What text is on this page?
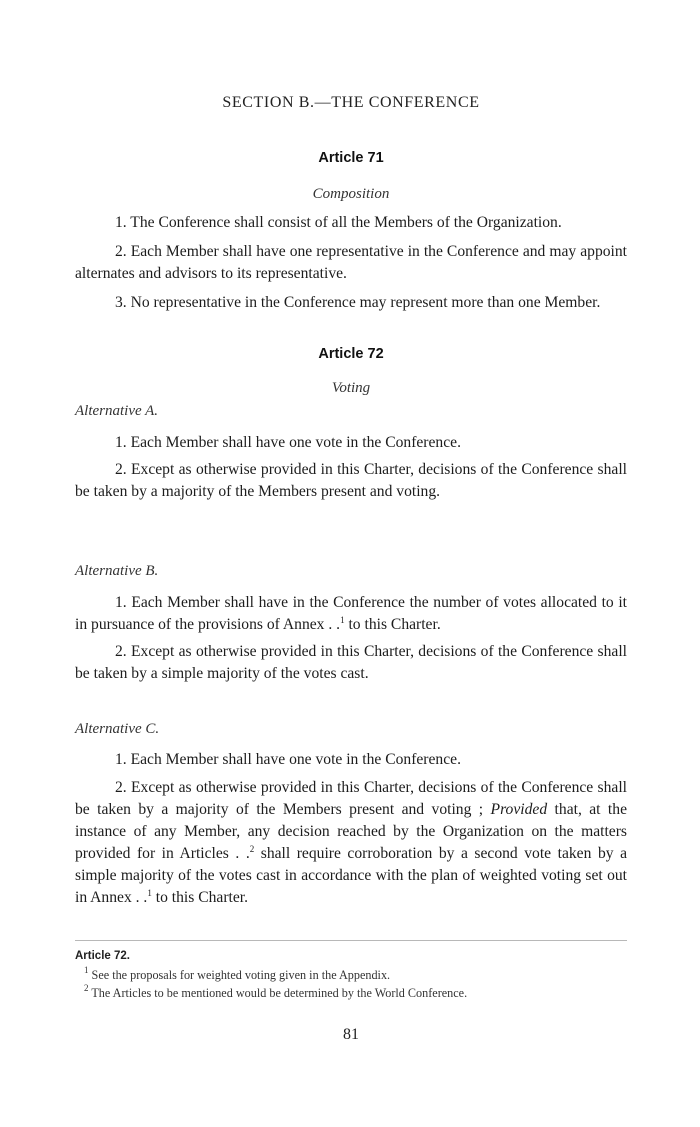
SECTION B.—THE CONFERENCE
Article 71
Composition
1. The Conference shall consist of all the Members of the Organization.
2. Each Member shall have one representative in the Conference and may appoint alternates and advisors to its representative.
3. No representative in the Conference may represent more than one Member.
Article 72
Voting
Alternative A.
1. Each Member shall have one vote in the Conference.
2. Except as otherwise provided in this Charter, decisions of the Conference shall be taken by a majority of the Members present and voting.
Alternative B.
1. Each Member shall have in the Conference the number of votes allocated to it in pursuance of the provisions of Annex . .$^1$ to this Charter.
2. Except as otherwise provided in this Charter, decisions of the Conference shall be taken by a simple majority of the votes cast.
Alternative C.
1. Each Member shall have one vote in the Conference.
2. Except as otherwise provided in this Charter, decisions of the Conference shall be taken by a majority of the Members present and voting ; Provided that, at the instance of any Member, any decision reached by the Organization on the matters provided for in Articles . .$^2$ shall require corroboration by a second vote taken by a simple majority of the votes cast in accordance with the plan of weighted voting set out in Annex . .$^1$ to this Charter.
Article 72.
$^1$ See the proposals for weighted voting given in the Appendix.
$^2$ The Articles to be mentioned would be determined by the World Conference.
81
